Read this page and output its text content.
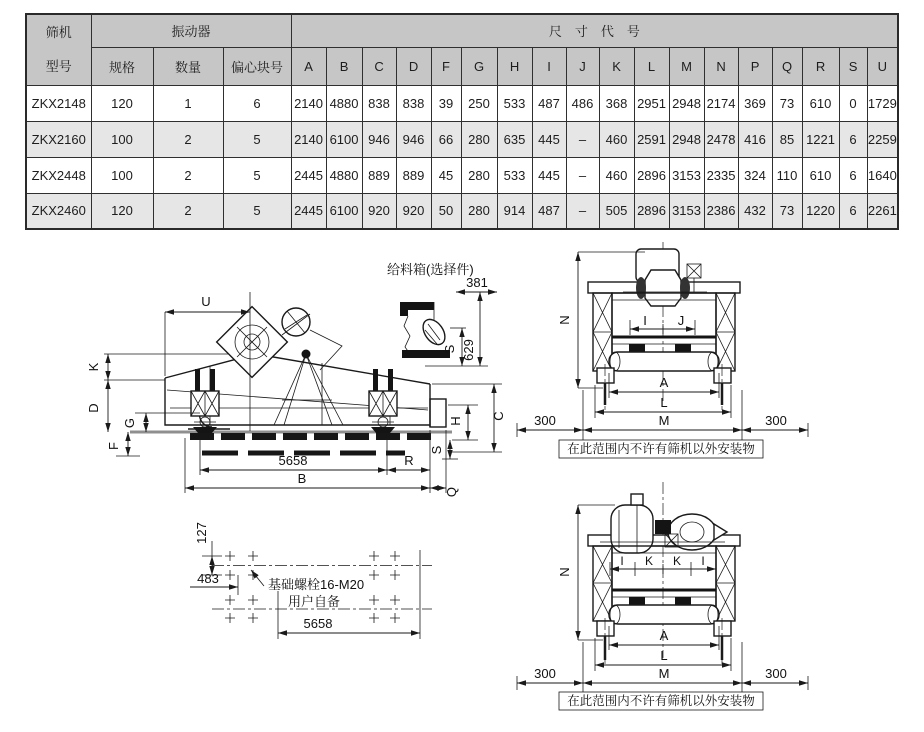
筛机
型号	振动器			尺寸代号																	
	规格	数量	偏心块号	A	B	C	D	F	G	H	I	J	K	L	M	N	P	Q	R	S	U
ZKX2148	120	1	6	2140	4880	838	838	39	250	533	487	486	368	2951	2948	2174	369	73	610	0	1729
ZKX2160	100	2	5	2140	6100	946	946	66	280	635	445	–	460	2591	2948	2478	416	85	1221	6	2259
ZKX2448	100	2	5	2445	4880	889	889	45	280	533	445	–	460	2896	3153	2335	324	110	610	6	1640
ZKX2460	120	2	5	2445	6100	920	920	50	280	914	487	–	505	2896	3153	2386	432	73	1220	6	2261
U
K
D
G
F
C
H
S
5658	R
B
Q
给料箱(选择件)
381
S 629
N	I J
A
L
M
300	300
在此范围内不许有筛机以外安装物
127
483	基础螺栓16-M20
用户自备
5658
N
I K K I
A
L
M
300	300
在此范围内不许有筛机以外安装物
